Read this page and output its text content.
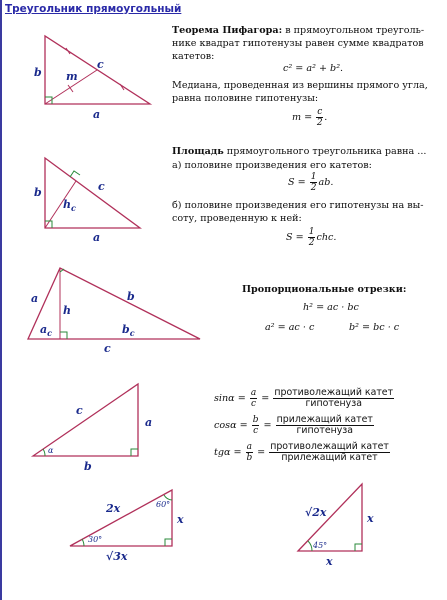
Треугольник прямоугольный
Теорема Пифагора: в прямоугольном треуголь-
нике квадрат гипотенузы равен сумме квадратов
катетов:
c² = a² + b².
Медиана, проведенная из вершины прямого угла,
равна половине гипотенузы:
$m = \frac{c}{2}$ .
Площадь прямоугольного треугольника равна ...
а) половине произведения его катетов:
$S = \frac{1}{2}$ ab.
б) половине произведения его гипотенузы на вы-
соту, проведенную к ней:
$S = \frac{1}{2}$ chc.
Пропорциональные отрезки:
h² = ac · bc
a² = ac · c	b² = bc · c
$\sin\alpha = \frac{a}{c} = \frac{\text{противолежащий катет}}{\text{гипотенуза}}$
$\cos\alpha = \frac{b}{c} = \frac{\text{прилежащий катет}}{\text{гипотенуза}}$
$tg\alpha = \frac{a}{b} = \frac{\text{противолежащий катет}}{\text{прилежащий катет}}$
b
a
c
m
b
a
c
$h_c$
a	b
h
$a_c$	$b_c$
c
c
a
b
α
2x
x
√3x
60°
30°
√2x	x
x
45°
